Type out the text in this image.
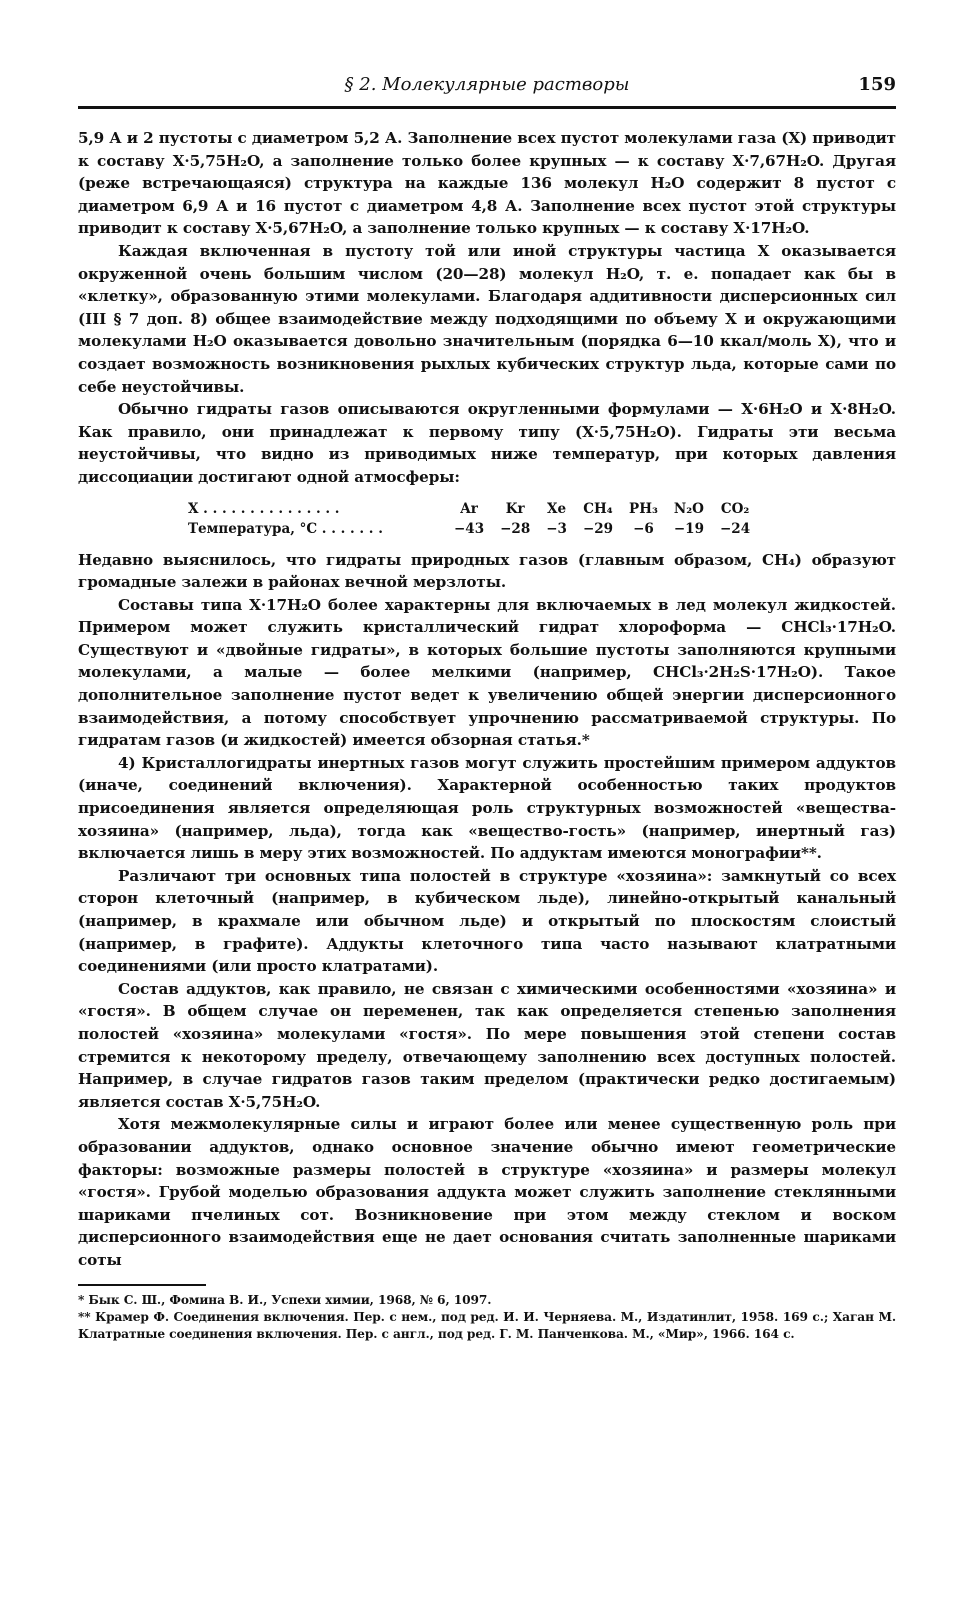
§ 2. Молекулярные растворы	159

5,9 А и 2 пустоты с диаметром 5,2 А. Заполнение всех пустот молекулами газа (X) приводит к составу X·5,75H₂O, а заполнение только более крупных — к составу X·7,67H₂O. Другая (реже встречающаяся) структура на каждые 136 молекул H₂O содержит 8 пустот с диаметром 6,9 А и 16 пустот с диаметром 4,8 А. Заполнение всех пустот этой структуры приводит к составу X·5,67H₂O, а заполнение только крупных — к составу X·17H₂O.

Каждая включенная в пустоту той или иной структуры частица X оказывается окруженной очень большим числом (20—28) молекул H₂O, т. е. попадает как бы в «клетку», образованную этими молекулами. Благодаря аддитивности дисперсионных сил (III § 7 доп. 8) общее взаимодействие между подходящими по объему X и окружающими молекулами H₂O оказывается довольно значительным (порядка 6—10 ккал/моль X), что и создает возможность возникновения рыхлых кубических структур льда, которые сами по себе неустойчивы.

Обычно гидраты газов описываются округленными формулами — X·6H₂O и X·8H₂O. Как правило, они принадлежат к первому типу (X·5,75H₂O). Гидраты эти весьма неустойчивы, что видно из приводимых ниже температур, при которых давления диссоциации достигают одной атмосферы:

X . . . . . . . . . . . . . . .	Ar	Kr	Xe	CH₄	PH₃	N₂O	CO₂
Температура, °С . . . . . . .	−43	−28	−3	−29	−6	−19	−24

Недавно выяснилось, что гидраты природных газов (главным образом, CH₄) образуют громадные залежи в районах вечной мерзлоты.

Составы типа X·17H₂O более характерны для включаемых в лед молекул жидкостей. Примером может служить кристаллический гидрат хлороформа — CHCl₃·17H₂O. Существуют и «двойные гидраты», в которых большие пустоты заполняются крупными молекулами, а малые — более мелкими (например, CHCl₃·2H₂S·17H₂O). Такое дополнительное заполнение пустот ведет к увеличению общей энергии дисперсионного взаимодействия, а потому способствует упрочнению рассматриваемой структуры. По гидратам газов (и жидкостей) имеется обзорная статья.*

4) Кристаллогидраты инертных газов могут служить простейшим примером аддуктов (иначе, соединений включения). Характерной особенностью таких продуктов присоединения является определяющая роль структурных возможностей «вещества-хозяина» (например, льда), тогда как «вещество-гость» (например, инертный газ) включается лишь в меру этих возможностей. По аддуктам имеются монографии**.

Различают три основных типа полостей в структуре «хозяина»: замкнутый со всех сторон клеточный (например, в кубическом льде), линейно-открытый канальный (например, в крахмале или обычном льде) и открытый по плоскостям слоистый (например, в графите). Аддукты клеточного типа часто называют клатратными соединениями (или просто клатратами).

Состав аддуктов, как правило, не связан с химическими особенностями «хозяина» и «гостя». В общем случае он переменен, так как определяется степенью заполнения полостей «хозяина» молекулами «гостя». По мере повышения этой степени состав стремится к некоторому пределу, отвечающему заполнению всех доступных полостей. Например, в случае гидратов газов таким пределом (практически редко достигаемым) является состав X·5,75H₂O.

Хотя межмолекулярные силы и играют более или менее существенную роль при образовании аддуктов, однако основное значение обычно имеют геометрические факторы: возможные размеры полостей в структуре «хозяина» и размеры молекул «гостя». Грубой моделью образования аддукта может служить заполнение стеклянными шариками пчелиных сот. Возникновение при этом между стеклом и воском дисперсионного взаимодействия еще не дает основания считать заполненные шариками соты

* Бык С. Ш., Фомина В. И., Успехи химии, 1968, № 6, 1097.

** Крамер Ф. Соединения включения. Пер. с нем., под ред. И. И. Черняева. М., Издатинлит, 1958. 169 с.; Хаган М. Клатратные соединения включения. Пер. с англ., под ред. Г. М. Панченкова. М., «Мир», 1966. 164 с.
